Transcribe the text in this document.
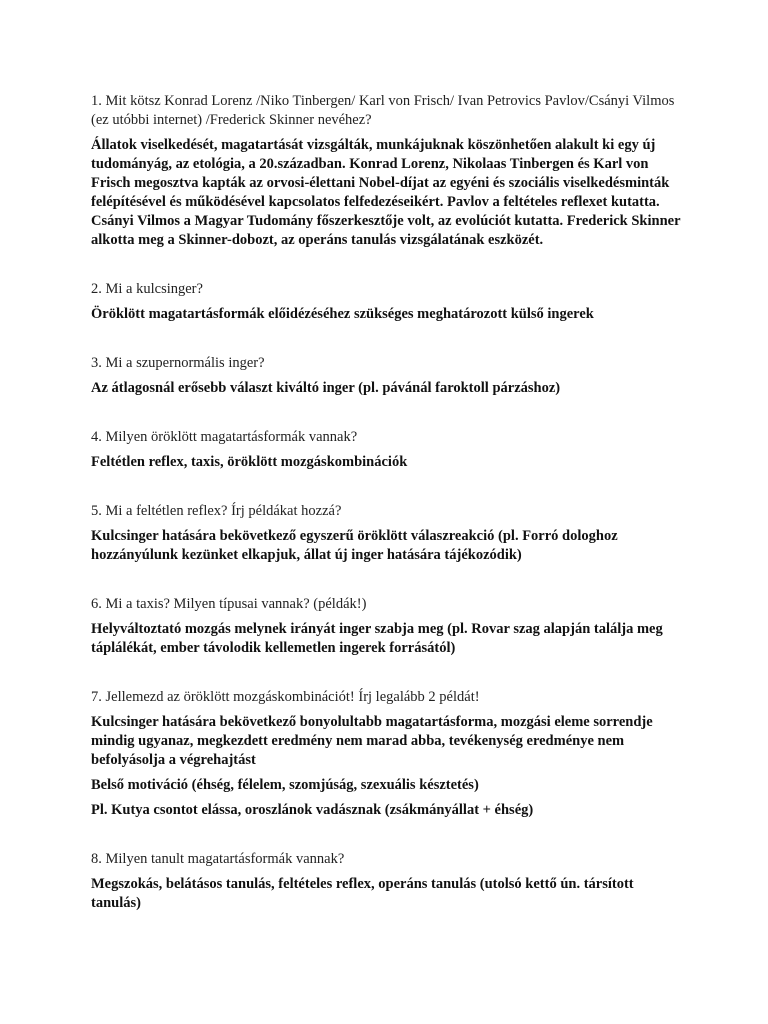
1. Mit kötsz Konrad Lorenz /Niko Tinbergen/ Karl von Frisch/ Ivan Petrovics Pavlov/Csányi Vilmos (ez utóbbi internet) /Frederick Skinner nevéhez?

Állatok viselkedését, magatartását vizsgálták, munkájuknak köszönhetően alakult ki egy új tudományág, az etológia, a 20.században. Konrad Lorenz, Nikolaas Tinbergen és Karl von Frisch megosztva kapták az orvosi-élettani Nobel-díjat az egyéni és szociális viselkedésminták felépítésével és működésével kapcsolatos felfedezéseikért. Pavlov a feltételes reflexet kutatta. Csányi Vilmos a Magyar Tudomány főszerkesztője volt, az evolúciót kutatta. Frederick Skinner alkotta meg a Skinner-dobozt, az operáns tanulás vizsgálatának eszközét.

2. Mi a kulcsinger?

Öröklött magatartásformák előidézéséhez szükséges meghatározott külső ingerek

3. Mi a szupernormális inger?

Az átlagosnál erősebb választ kiváltó inger (pl. pávánál faroktoll párzáshoz)

4. Milyen öröklött magatartásformák vannak?

Feltétlen reflex, taxis, öröklött mozgáskombinációk

5. Mi a feltétlen reflex? Írj példákat hozzá?

Kulcsinger hatására bekövetkező egyszerű öröklött válaszreakció (pl. Forró dologhoz hozzányúlunk kezünket elkapjuk, állat új inger hatására tájékozódik)

6. Mi a taxis? Milyen típusai vannak? (példák!)

Helyváltoztató mozgás melynek irányát inger szabja meg (pl. Rovar szag alapján találja meg táplálékát, ember távolodik kellemetlen ingerek forrásától)

7. Jellemezd az öröklött mozgáskombinációt! Írj legalább 2 példát!

Kulcsinger hatására bekövetkező bonyolultabb magatartásforma, mozgási eleme sorrendje mindig ugyanaz, megkezdett eredmény nem marad abba, tevékenység eredménye nem befolyásolja a végrehajtást

Belső motiváció (éhség, félelem, szomjúság, szexuális késztetés)

Pl. Kutya csontot elássa, oroszlánok vadásznak (zsákmányállat + éhség)

8. Milyen tanult magatartásformák vannak?

Megszokás, belátásos tanulás, feltételes reflex, operáns tanulás (utolsó kettő ún. társított tanulás)
